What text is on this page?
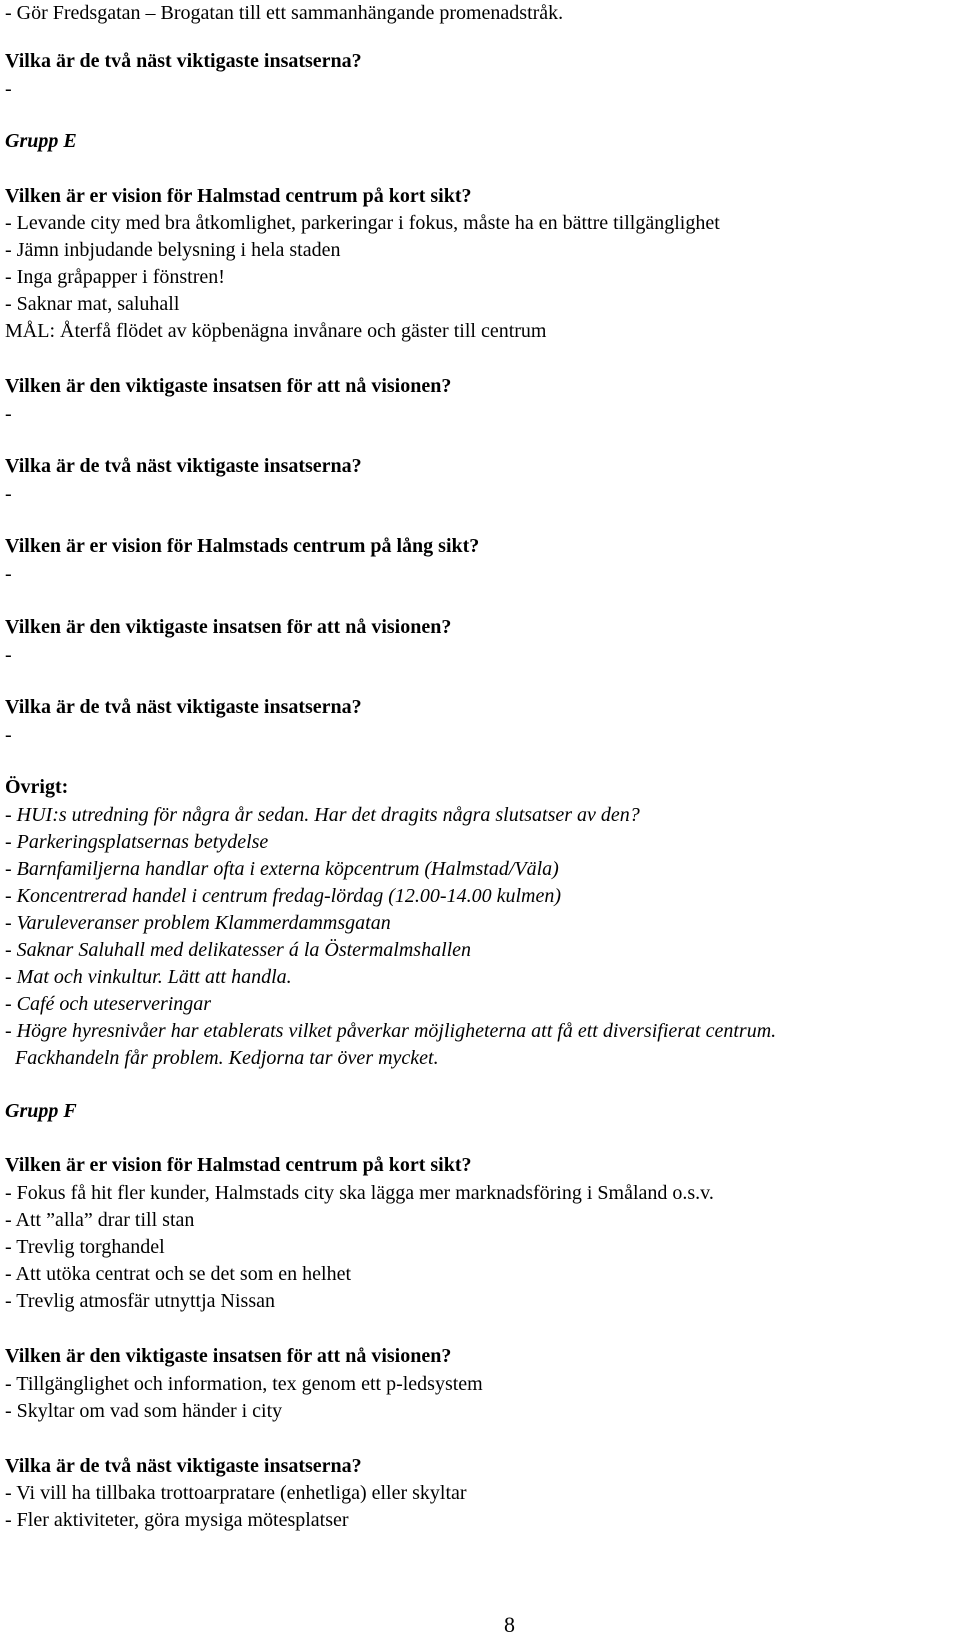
- Gör Fredsgatan – Brogatan till ett sammanhängande promenadstråk.
Vilka är de två näst viktigaste insatserna?
-
Grupp E
Vilken är er vision för Halmstad centrum på kort sikt?
- Levande city med bra åtkomlighet, parkeringar i fokus, måste ha en bättre tillgänglighet
- Jämn inbjudande belysning i hela staden
- Inga gråpapper i fönstren!
- Saknar mat, saluhall
MÅL: Återfå flödet av köpbenägna invånare och gäster till centrum
Vilken är den viktigaste insatsen för att nå visionen?
-
Vilka är de två näst viktigaste insatserna?
-
Vilken är er vision för Halmstads centrum på lång sikt?
-
Vilken är den viktigaste insatsen för att nå visionen?
-
Vilka är de två näst viktigaste insatserna?
-
Övrigt:
- HUI:s utredning för några år sedan. Har det dragits några slutsatser av den?
- Parkeringsplatsernas betydelse
- Barnfamiljerna handlar ofta i externa köpcentrum (Halmstad/Väla)
- Koncentrerad handel i centrum fredag-lördag (12.00-14.00 kulmen)
- Varuleveranser problem Klammerdammsgatan
- Saknar Saluhall med delikatesser á la Östermalmshallen
- Mat och vinkultur. Lätt att handla.
- Café och uteserveringar
- Högre hyresnivåer har etablerats vilket påverkar möjligheterna att få ett diversifierat centrum.
Fackhandeln får problem. Kedjorna tar över mycket.
Grupp F
Vilken är er vision för Halmstad centrum på kort sikt?
- Fokus få hit fler kunder, Halmstads city ska lägga mer marknadsföring i Småland o.s.v.
- Att ”alla” drar till stan
- Trevlig torghandel
- Att utöka centrat och se det som en helhet
- Trevlig atmosfär utnyttja Nissan
Vilken är den viktigaste insatsen för att nå visionen?
- Tillgänglighet och information, tex genom ett p-ledsystem
- Skyltar om vad som händer i city
Vilka är de två näst viktigaste insatserna?
- Vi vill ha tillbaka trottoarpratare (enhetliga) eller skyltar
- Fler aktiviteter, göra mysiga mötesplatser
8
